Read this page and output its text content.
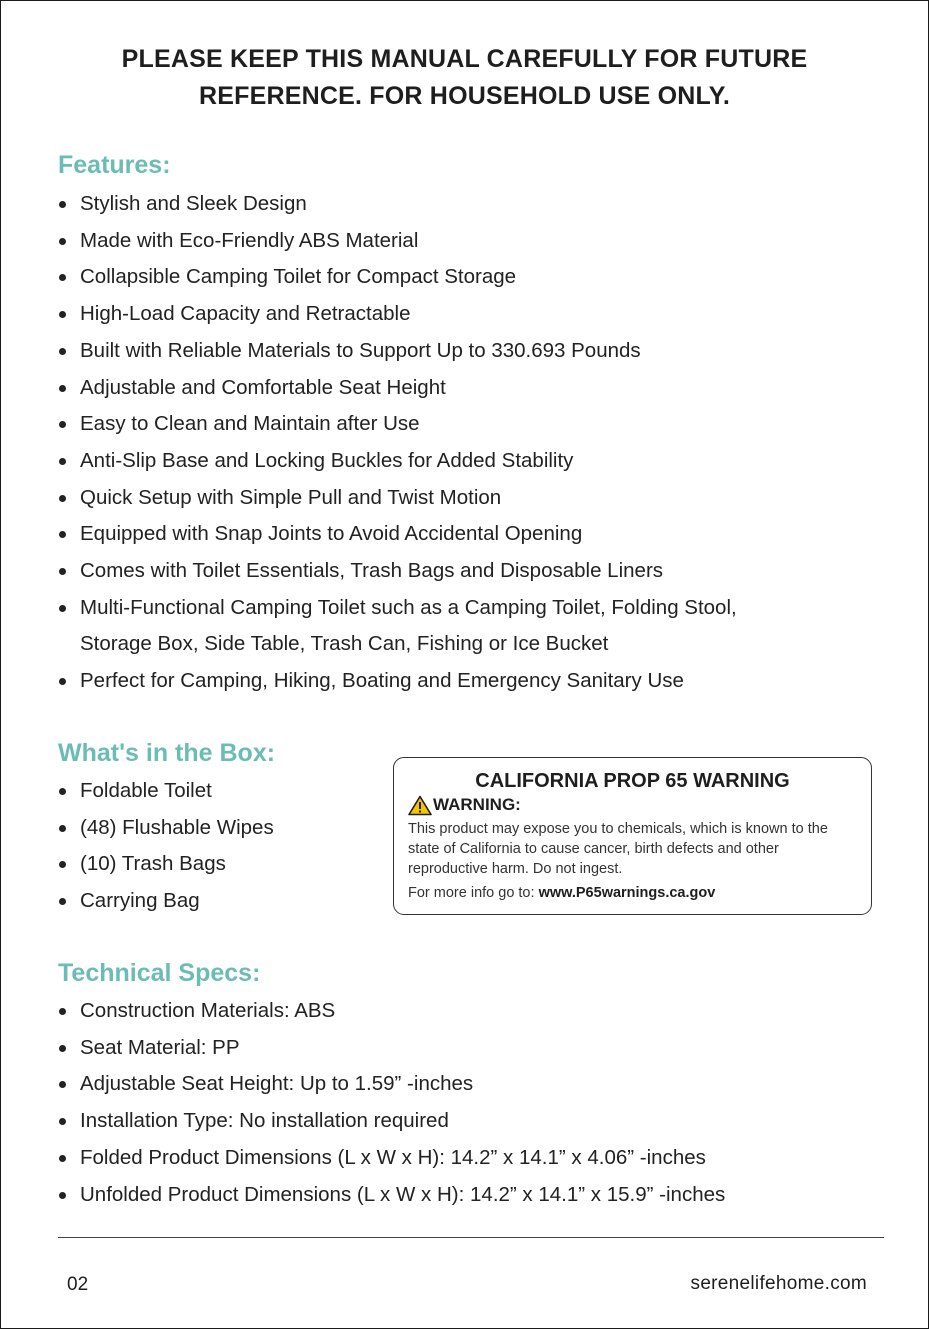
PLEASE KEEP THIS MANUAL CAREFULLY FOR FUTURE
REFERENCE. FOR HOUSEHOLD USE ONLY.
Features:
Stylish and Sleek Design
Made with Eco-Friendly ABS Material
Collapsible Camping Toilet for Compact Storage
High-Load Capacity and Retractable
Built with Reliable Materials to Support Up to 330.693 Pounds
Adjustable and Comfortable Seat Height
Easy to Clean and Maintain after Use
Anti-Slip Base and Locking Buckles for Added Stability
Quick Setup with Simple Pull and Twist Motion
Equipped with Snap Joints to Avoid Accidental Opening
Comes with Toilet Essentials, Trash Bags and Disposable Liners
Multi-Functional Camping Toilet such as a Camping Toilet, Folding Stool,
Storage Box, Side Table, Trash Can, Fishing or Ice Bucket
Perfect for Camping, Hiking, Boating and Emergency Sanitary Use
What's in the Box:
Foldable Toilet
(48) Flushable Wipes
(10) Trash Bags
Carrying Bag
CALIFORNIA PROP 65 WARNING
WARNING:
This product may expose you to chemicals, which is known to the state of California to cause cancer, birth defects and other reproductive harm. Do not ingest.
For more info go to: www.P65warnings.ca.gov
Technical Specs:
Construction Materials: ABS
Seat Material: PP
Adjustable Seat Height: Up to 1.59” -inches
Installation Type: No installation required
Folded Product Dimensions (L x W x H): 14.2” x 14.1” x 4.06” -inches
Unfolded Product Dimensions (L x W x H): 14.2” x 14.1” x 15.9” -inches
02	serenelifehome.com
